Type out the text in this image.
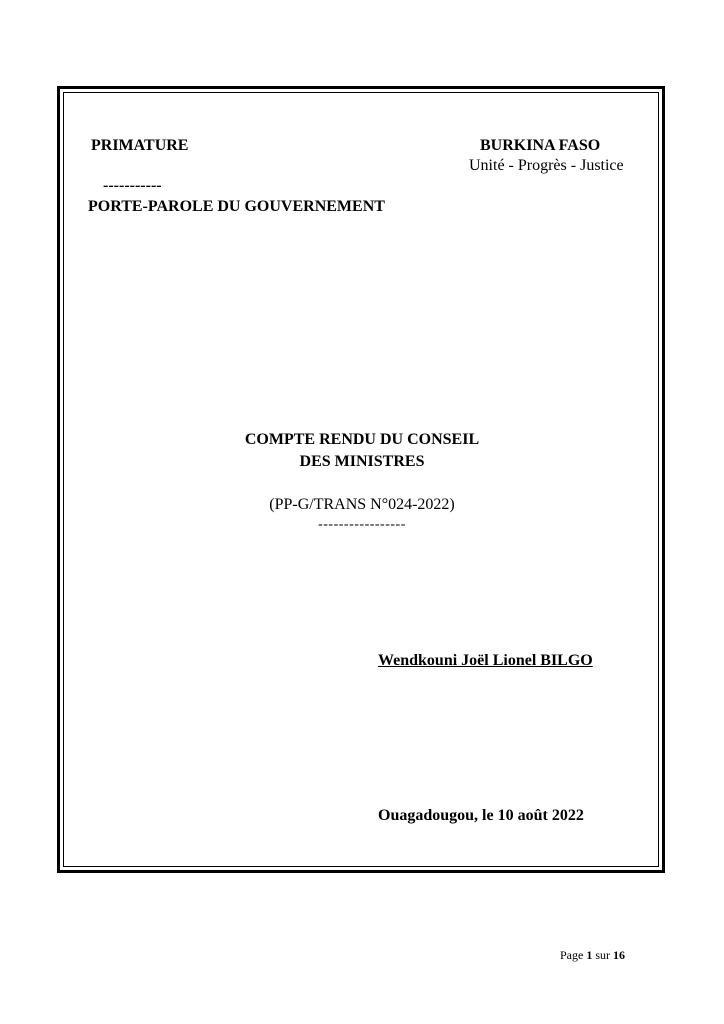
PRIMATURE
-----------
PORTE-PAROLE DU GOUVERNEMENT
BURKINA FASO
Unité - Progrès - Justice
COMPTE RENDU DU CONSEIL
DES MINISTRES
(PP-G/TRANS N°024-2022)
-----------------
Wendkouni Joël Lionel BILGO
Ouagadougou, le 10 août 2022
Page 1 sur 16
